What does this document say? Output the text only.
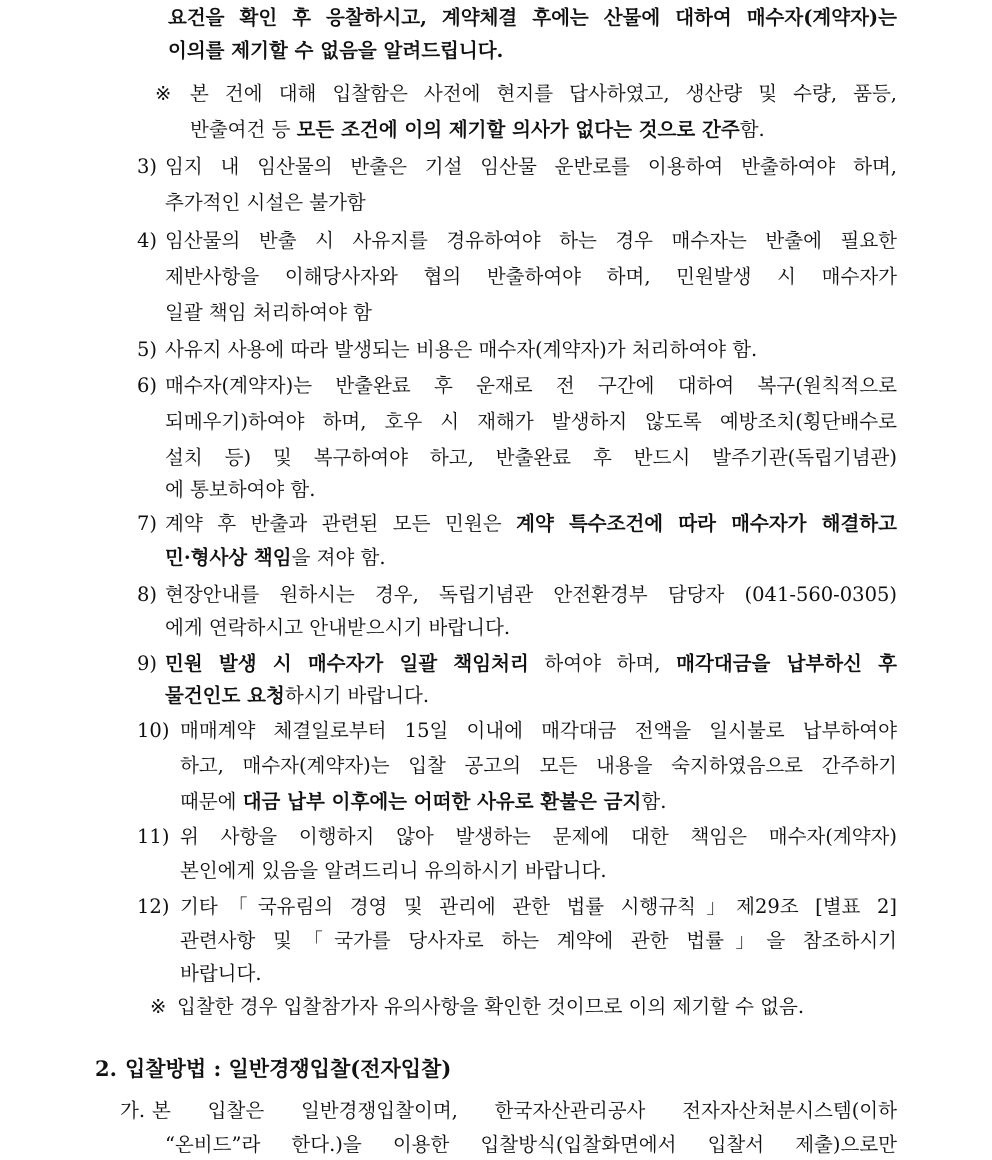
요건을 확인 후 응찰하시고, 계약체결 후에는 산물에 대하여 매수자(계약자)는
이의를 제기할 수 없음을 알려드립니다.
※ 본 건에 대해 입찰함은 사전에 현지를 답사하였고, 생산량 및 수량, 품등,
반출여건 등 모든 조건에 이의 제기할 의사가 없다는 것으로 간주함.
3) 임지 내 임산물의 반출은 기설 임산물 운반로를 이용하여 반출하여야 하며,
추가적인 시설은 불가함
4) 임산물의 반출 시 사유지를 경유하여야 하는 경우 매수자는 반출에 필요한
제반사항을 이해당사자와 협의 반출하여야 하며, 민원발생 시 매수자가
일괄 책임 처리하여야 함
5) 사유지 사용에 따라 발생되는 비용은 매수자(계약자)가 처리하여야 함.
6) 매수자(계약자)는 반출완료 후 운재로 전 구간에 대하여 복구(원칙적으로
되메우기)하여야 하며, 호우 시 재해가 발생하지 않도록 예방조치(횡단배수로
설치 등) 및 복구하여야 하고, 반출완료 후 반드시 발주기관(독립기념관)
에 통보하여야 함.
7) 계약 후 반출과 관련된 모든 민원은 계약 특수조건에 따라 매수자가 해결하고
민·형사상 책임을 져야 함.
8) 현장안내를 원하시는 경우, 독립기념관 안전환경부 담당자 (041-560-0305)
에게 연락하시고 안내받으시기 바랍니다.
9) 민원 발생 시 매수자가 일괄 책임처리 하여야 하며, 매각대금을 납부하신 후
물건인도 요청하시기 바랍니다.
10) 매매계약 체결일로부터 15일 이내에 매각대금 전액을 일시불로 납부하여야
하고, 매수자(계약자)는 입찰 공고의 모든 내용을 숙지하였음으로 간주하기
때문에 대금 납부 이후에는 어떠한 사유로 환불은 금지함.
11) 위 사항을 이행하지 않아 발생하는 문제에 대한 책임은 매수자(계약자)
본인에게 있음을 알려드리니 유의하시기 바랍니다.
12) 기타「국유림의 경영 및 관리에 관한 법률 시행규칙」제29조 [별표 2]
관련사항 및「국가를 당사자로 하는 계약에 관한 법률」을 참조하시기
바랍니다.
※ 입찰한 경우 입찰참가자 유의사항을 확인한 것이므로 이의 제기할 수 없음.
2. 입찰방법 : 일반경쟁입찰(전자입찰)
가. 본 입찰은 일반경쟁입찰이며, 한국자산관리공사 전자자산처분시스템(이하
“온비드”라 한다.)을 이용한 입찰방식(입찰화면에서 입찰서 제출)으로만
